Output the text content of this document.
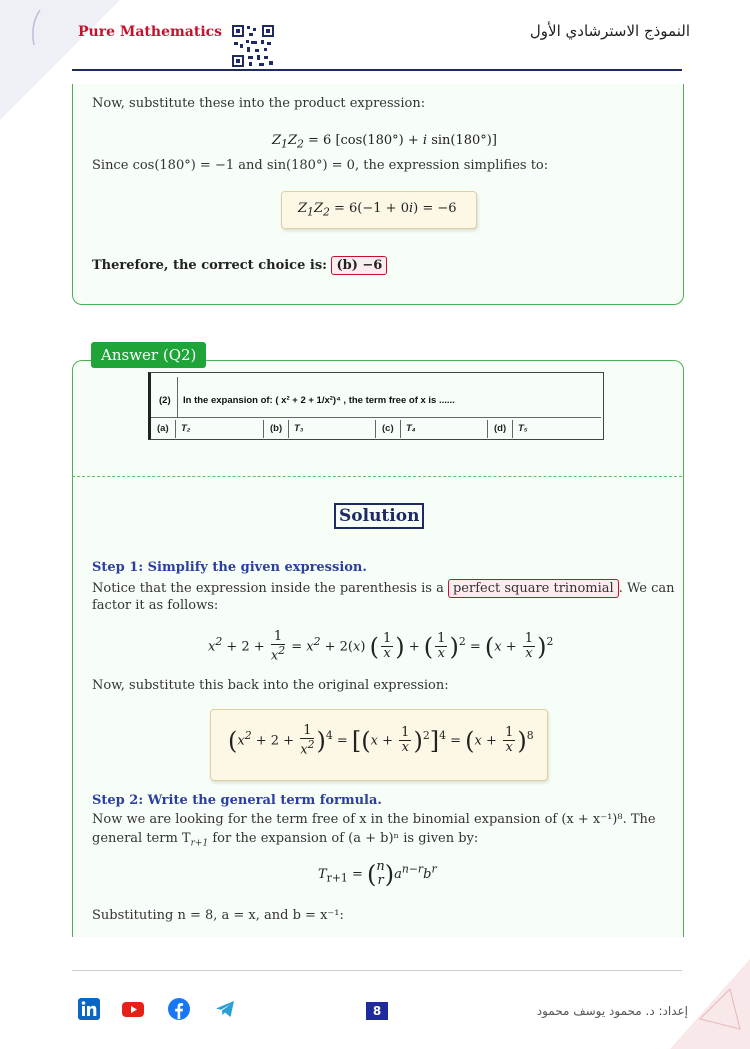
Pure Mathematics	النموذج الاسترشادي الأول
Now, substitute these into the product expression:
$Z_1Z_2 = 6$ [cos(180°) + i sin(180°)]
Since cos(180°) = −1 and sin(180°) = 0, the expression simplifies to:
$Z_1Z_2 = 6(-1 + 0i) = -6$
Therefore, the correct choice is: (b) −6
Answer (Q2)
(2) In the expansion of: ( x² + 2 + 1/x²)⁴ , the term free of x is ......
(a) T₂	(b) T₃	(c) T₄	(d) T₅
Solution
Step 1: Simplify the given expression.
Notice that the expression inside the parenthesis is a perfect square trinomial . We can
factor it as follows:
$x^2 + 2 + \frac{1}{x^2} = x^2 + 2(x)$ ( $\frac{1}{x}$ ) + ( $\frac{1}{x} )^2 = (x + \frac{1}{x} )^2$
Now, substitute this back into the original expression:
$(x^2 + 2 + \frac{1}{x^2} )^4 = [(x + \frac{1}{x} )^2]^4 = (x + \frac{1}{x} )^8$
Step 2: Write the general term formula.
Now we are looking for the term free of x in the binomial expansion of (x + x⁻¹)⁸. The
general term $T_{r+1}$ for the expansion of (a + b)ⁿ is given by:
$T_{r+1}$ = ( n
r )$a^{n-r}b^r$
Substituting n = 8, a = x, and b = x⁻¹:
8	إعداد: د. محمود يوسف محمود
